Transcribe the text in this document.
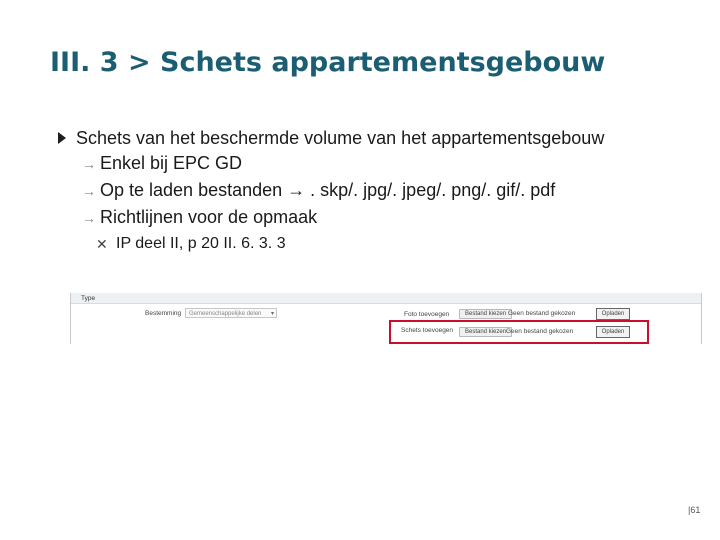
III. 3 > Schets appartementsgebouw
Schets van het beschermde volume van het appartementsgebouw
→ Enkel bij EPC GD
→ Op te laden bestanden → . skp/. jpg/. jpeg/. png/. gif/. pdf
→ Richtlijnen voor de opmaak
✕ IP deel II, p 20 II. 6. 3. 3
Type
Bestemming	Gemeenschappelijke delen ▾	Foto toevoegen	Bestand kiezen Geen bestand gekozen	Opladen
Schets toevoegen	Bestand kiezen Geen bestand gekozen	Opladen
|61
